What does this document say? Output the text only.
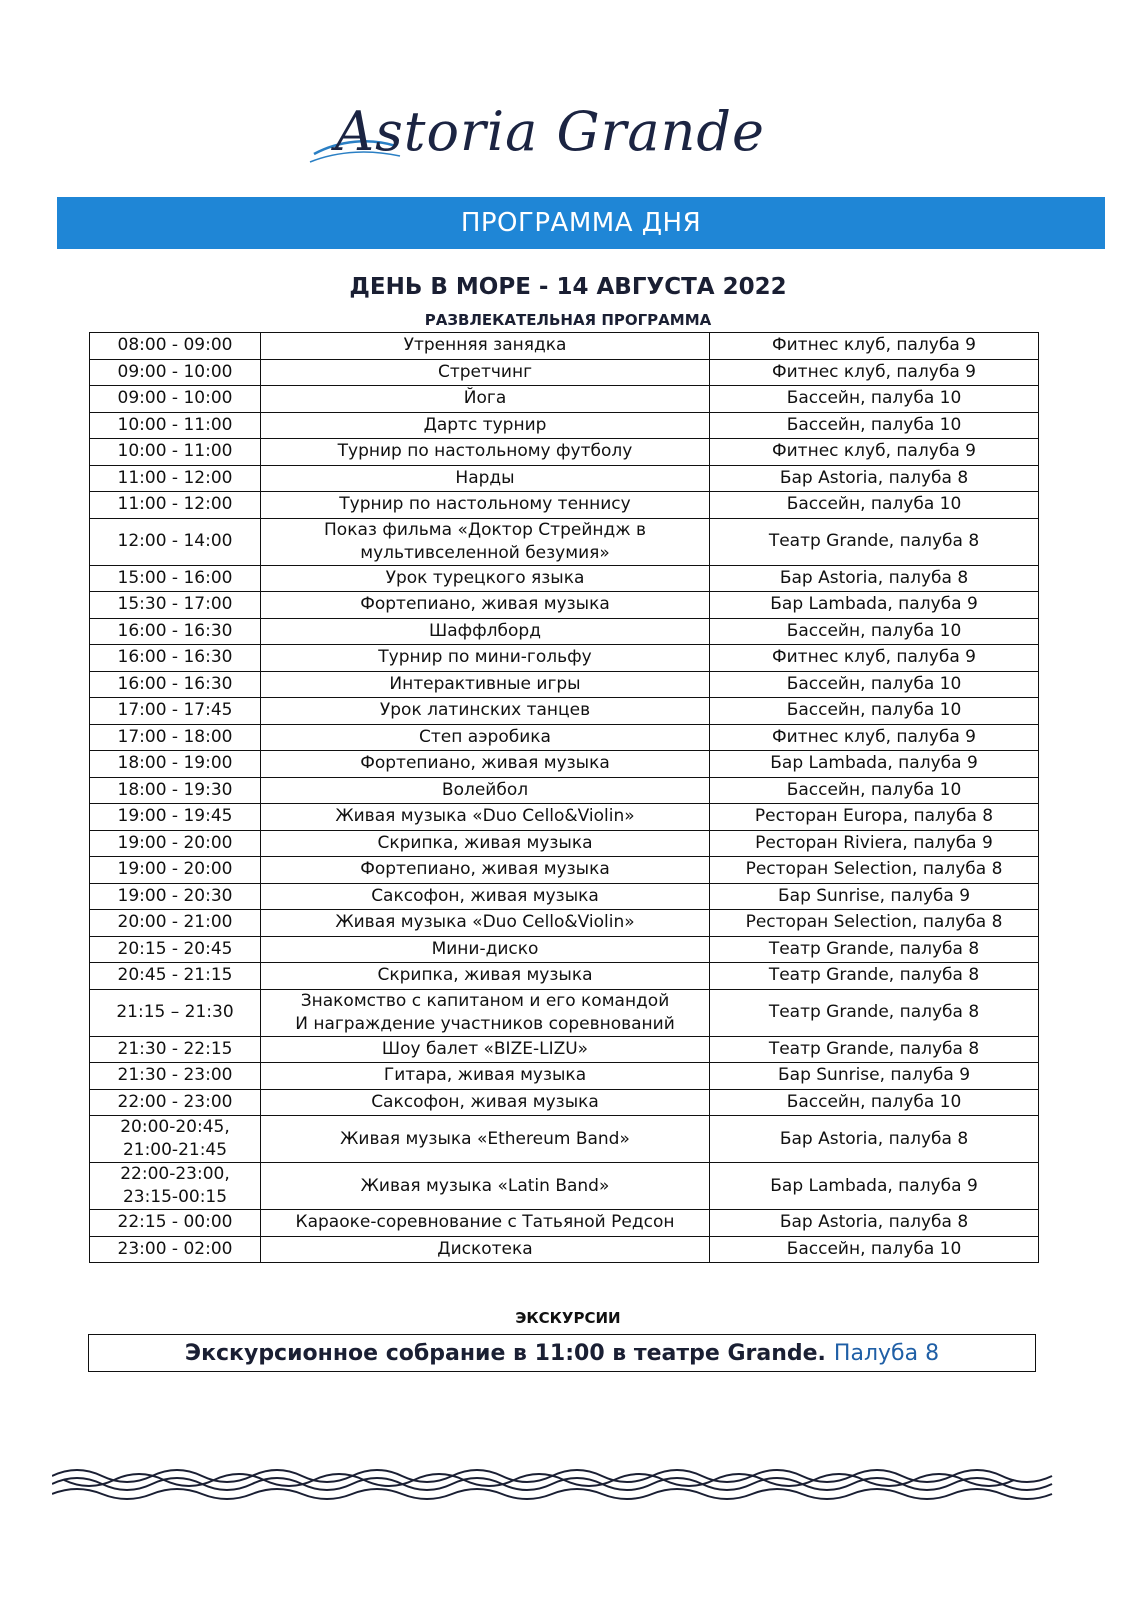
Astoria Grande
ПРОГРАММА ДНЯ
ДЕНЬ В МОРЕ - 14 АВГУСТА 2022
РАЗВЛЕКАТЕЛЬНАЯ ПРОГРАММА
08:00 - 09:00	Утренняя занядка	Фитнес клуб, палуба 9

09:00 - 10:00	Стретчинг	Фитнес клуб, палуба 9

09:00 - 10:00	Йога	Бассейн, палуба 10

10:00 - 11:00	Дартс турнир	Бассейн, палуба 10

10:00 - 11:00	Турнир по настольному футболу	Фитнес клуб, палуба 9

11:00 - 12:00	Нарды	Бар Astoria, палуба 8

11:00 - 12:00	Турнир по настольному теннису	Бассейн, палуба 10

12:00 - 14:00	Показ фильма «Доктор Стрейндж в
мультивселенной безумия»	Театр Grande, палуба 8

15:00 - 16:00	Урок турецкого языка	Бар Astoria, палуба 8

15:30 - 17:00	Фортепиано, живая музыка	Бар Lambada, палуба 9

16:00 - 16:30	Шаффлборд	Бассейн, палуба 10

16:00 - 16:30	Турнир по мини-гольфу	Фитнес клуб, палуба 9

16:00 - 16:30	Интерактивные игры	Бассейн, палуба 10

17:00 - 17:45	Урок латинских танцев	Бассейн, палуба 10

17:00 - 18:00	Степ аэробика	Фитнес клуб, палуба 9

18:00 - 19:00	Фортепиано, живая музыка	Бар Lambada, палуба 9

18:00 - 19:30	Волейбол	Бассейн, палуба 10

19:00 - 19:45	Живая музыка «Duo Cello&Violin»	Ресторан Europa, палуба 8

19:00 - 20:00	Скрипка, живая музыка	Ресторан Riviera, палуба 9

19:00 - 20:00	Фортепиано, живая музыка	Ресторан Selection, палуба 8

19:00 - 20:30	Саксофон, живая музыка	Бар Sunrise, палуба 9

20:00 - 21:00	Живая музыка «Duo Cello&Violin»	Ресторан Selection, палуба 8

20:15 - 20:45	Мини-диско	Театр Grande, палуба 8

20:45 - 21:15	Скрипка, живая музыка	Театр Grande, палуба 8

21:15 – 21:30	Знакомство с капитаном и его командой
И награждение участников соревнований	Театр Grande, палуба 8

21:30 - 22:15	Шоу балет «BIZE-LIZU»	Театр Grande, палуба 8

21:30 - 23:00	Гитара, живая музыка	Бар Sunrise, палуба 9

22:00 - 23:00	Саксофон, живая музыка	Бассейн, палуба 10

20:00-20:45,
21:00-21:45	Живая музыка «Ethereum Band»	Бар Astoria, палуба 8

22:00-23:00,
23:15-00:15	Живая музыка «Latin Band»	Бар Lambada, палуба 9

22:15 - 00:00	Караоке-соревнование с Татьяной Редсон	Бар Astoria, палуба 8

23:00 - 02:00	Дискотека	Бассейн, палуба 10
ЭКСКУРСИИ
Экскурсионное собрание в 11:00 в театре Grande. Палуба 8
